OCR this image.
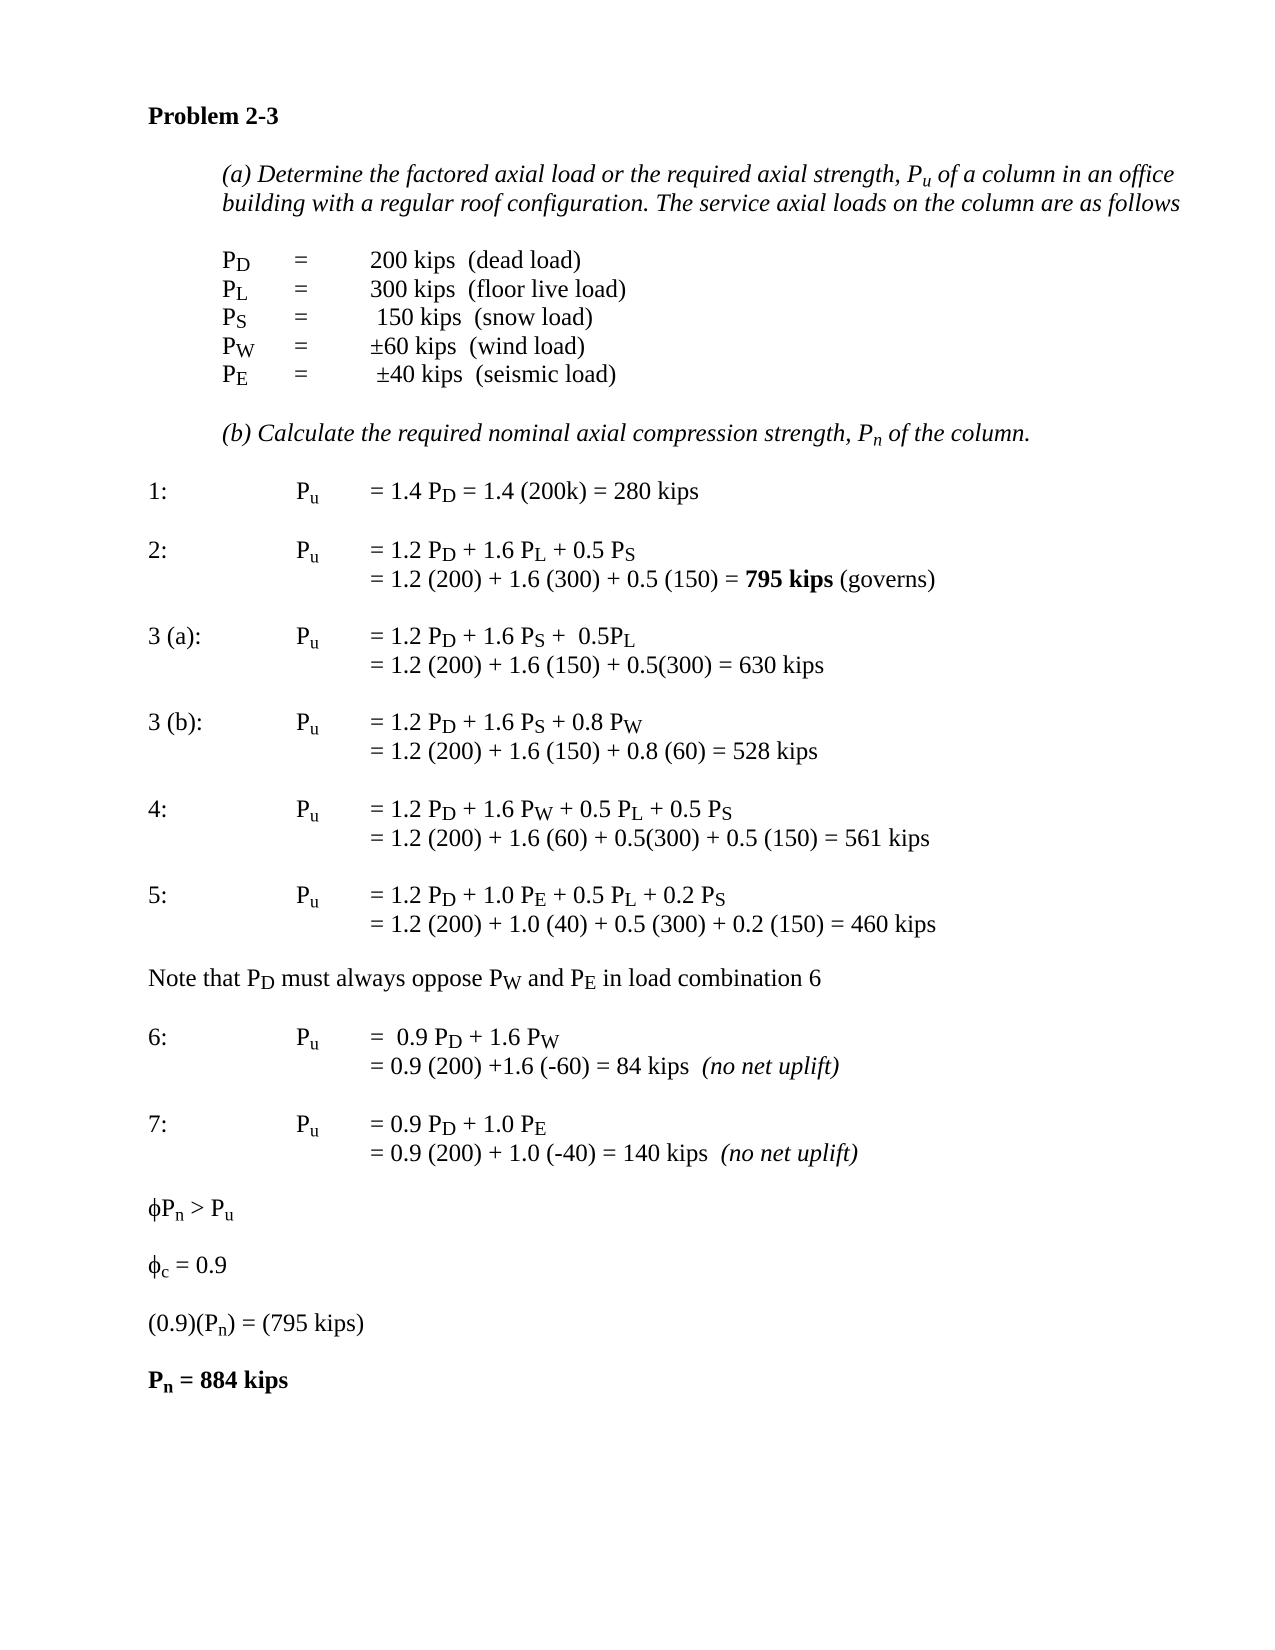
Problem 2-3
(a) Determine the factored axial load or the required axial strength, $P_u$ of a column in an office
building with a regular roof configuration. The service axial loads on the column are as follows
PD = 200 kips  (dead load)
PL = 300 kips  (floor live load)
PS = 150 kips  (snow load)
PW = ±60 kips  (wind load)
PE = ±40 kips  (seismic load)
(b) Calculate the required nominal axial compression strength, $P_n$ of the column.
1:	$P_u = 1.4$ PD = 1.4 (200k) = 280 kips
2:	$P_u = 1.2$ PD + 1.6 PL + 0.5 PS
= 1.2 (200) + 1.6 (300) + 0.5 (150) = 795 kips (governs)
3 (a):	$P_u = 1.2$ PD + 1.6 PS +  0.5PL
= 1.2 (200) + 1.6 (150) + 0.5(300) = 630 kips
3 (b):	$P_u = 1.2$ PD + 1.6 PS + 0.8 PW
= 1.2 (200) + 1.6 (150) + 0.8 (60) = 528 kips
4:	$P_u = 1.2$ PD + 1.6 PW + 0.5 PL + 0.5 PS
= 1.2 (200) + 1.6 (60) + 0.5(300) + 0.5 (150) = 561 kips
5:	$P_u = 1.2$ PD + 1.0 PE + 0.5 PL + 0.2 PS
= 1.2 (200) + 1.0 (40) + 0.5 (300) + 0.2 (150) = 460 kips
6:	$P_u = 0.9$ PD + 1.6 PW
= 0.9 (200) +1.6 (-60) = 84 kips (no net uplift)
7:	$P_u = 0.9$ PD + 1.0 PE
= 0.9 (200) + 1.0 (-40) = 140 kips (no net uplift)
Note that PD must always oppose PW and PE in load combination 6
$\phi P_n > P_u$
$\phi_c = 0.9$
$(0.9)(P_n) = (795$ kips)
$P_n = 884$ kips
